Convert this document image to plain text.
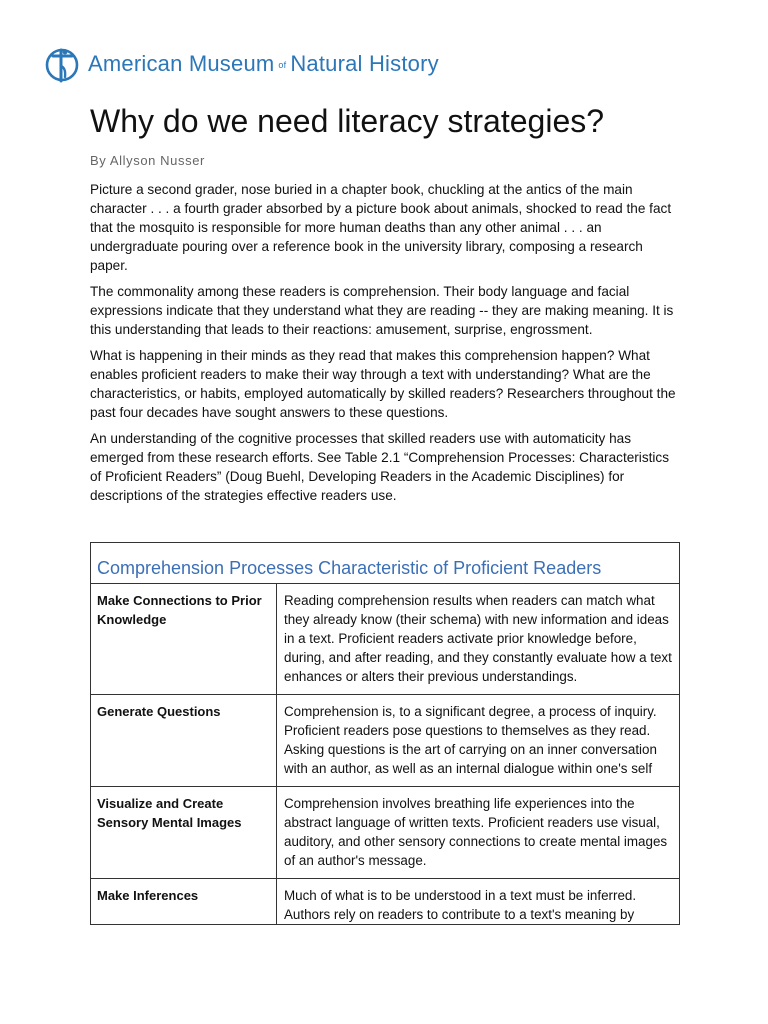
American
Museum of Natural
History
Why do we need literacy strategies?

By Allyson Nusser

Picture a second grader, nose buried in a chapter book, chuckling at the antics of the main character . . . a fourth grader absorbed by a picture book about animals, shocked to read the fact that the mosquito is responsible for more human deaths than any other animal . . . an undergraduate pouring over a reference book in the university library, composing a research paper.

The commonality among these readers is comprehension. Their body language and facial expressions indicate that they understand what they are reading -- they are making meaning. It is this understanding that leads to their reactions: amusement, surprise, engrossment.

What is happening in their minds as they read that makes this comprehension happen? What enables proficient readers to make their way through a text with understanding? What are the characteristics, or habits, employed automatically by skilled readers? Researchers throughout the past four decades have sought answers to these questions.

An understanding of the cognitive processes that skilled readers use with automaticity has emerged from these research efforts. See Table 2.1 “Comprehension Processes: Characteristics of Proficient Readers” (Doug Buehl, Developing Readers in the Academic Disciplines) for descriptions of the strategies effective readers use.

Comprehension Processes Characteristic of Proficient Readers
Make Connections to Prior Knowledge
Reading comprehension results when readers can match what they already know (their schema) with new information and ideas in a text. Proficient readers activate prior knowledge before, during, and after reading, and they constantly evaluate how a text enhances or alters their previous understandings.
Generate Questions	Comprehension is, to a significant degree, a process of inquiry. Proficient readers pose questions to themselves as they read. Asking questions is the art of carrying on an inner conversation with an author, as well as an internal dialogue within one's self
Visualize and Create Sensory Mental Images
Comprehension involves breathing life experiences into the abstract language of written texts. Proficient readers use visual, auditory, and other sensory connections to create mental images of an author's message.
Make Inferences	Much of what is to be understood in a text must be inferred. Authors rely on readers to contribute to a text's meaning by
